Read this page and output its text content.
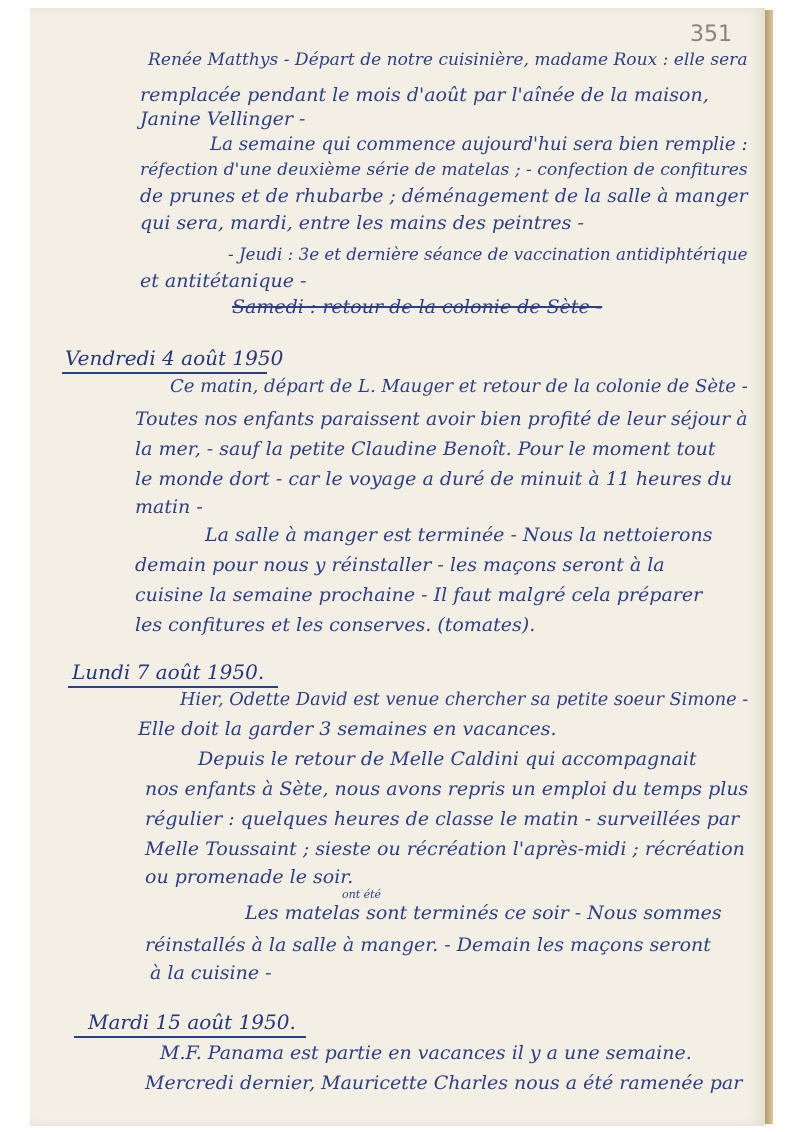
351
Renée Matthys - Départ de notre cuisinière, madame Roux : elle sera
remplacée pendant le mois d'août par l'aînée de la maison,
Janine Vellinger -
La semaine qui commence aujourd'hui sera bien remplie :
réfection d'une deuxième série de matelas ; - confection de confitures
de prunes et de rhubarbe ; déménagement de la salle à manger
qui sera, mardi, entre les mains des peintres -
- Jeudi : 3e et dernière séance de vaccination antidiphtérique
et antitétanique -
Samedi : retour de la colonie de Sète -
Vendredi 4 août 1950
Ce matin, départ de L. Mauger et retour de la colonie de Sète -
Toutes nos enfants paraissent avoir bien profité de leur séjour à
la mer, - sauf la petite Claudine Benoît. Pour le moment tout
le monde dort - car le voyage a duré de minuit à 11 heures du
matin -
La salle à manger est terminée - Nous la nettoierons
demain pour nous y réinstaller - les maçons seront à la
cuisine la semaine prochaine - Il faut malgré cela préparer
les confitures et les conserves. (tomates).
Lundi 7 août 1950.
Hier, Odette David est venue chercher sa petite soeur Simone -
Elle doit la garder 3 semaines en vacances.
Depuis le retour de Melle Caldini qui accompagnait
nos enfants à Sète, nous avons repris un emploi du temps plus
régulier : quelques heures de classe le matin - surveillées par
Melle Toussaint ; sieste ou récréation l'après-midi ; récréation
ou promenade le soir.
ont été
Les matelas sont terminés ce soir - Nous sommes
réinstallés à la salle à manger. - Demain les maçons seront
à la cuisine -
Mardi 15 août 1950.
M.F. Panama est partie en vacances il y a une semaine.
Mercredi dernier, Mauricette Charles nous a été ramenée par
